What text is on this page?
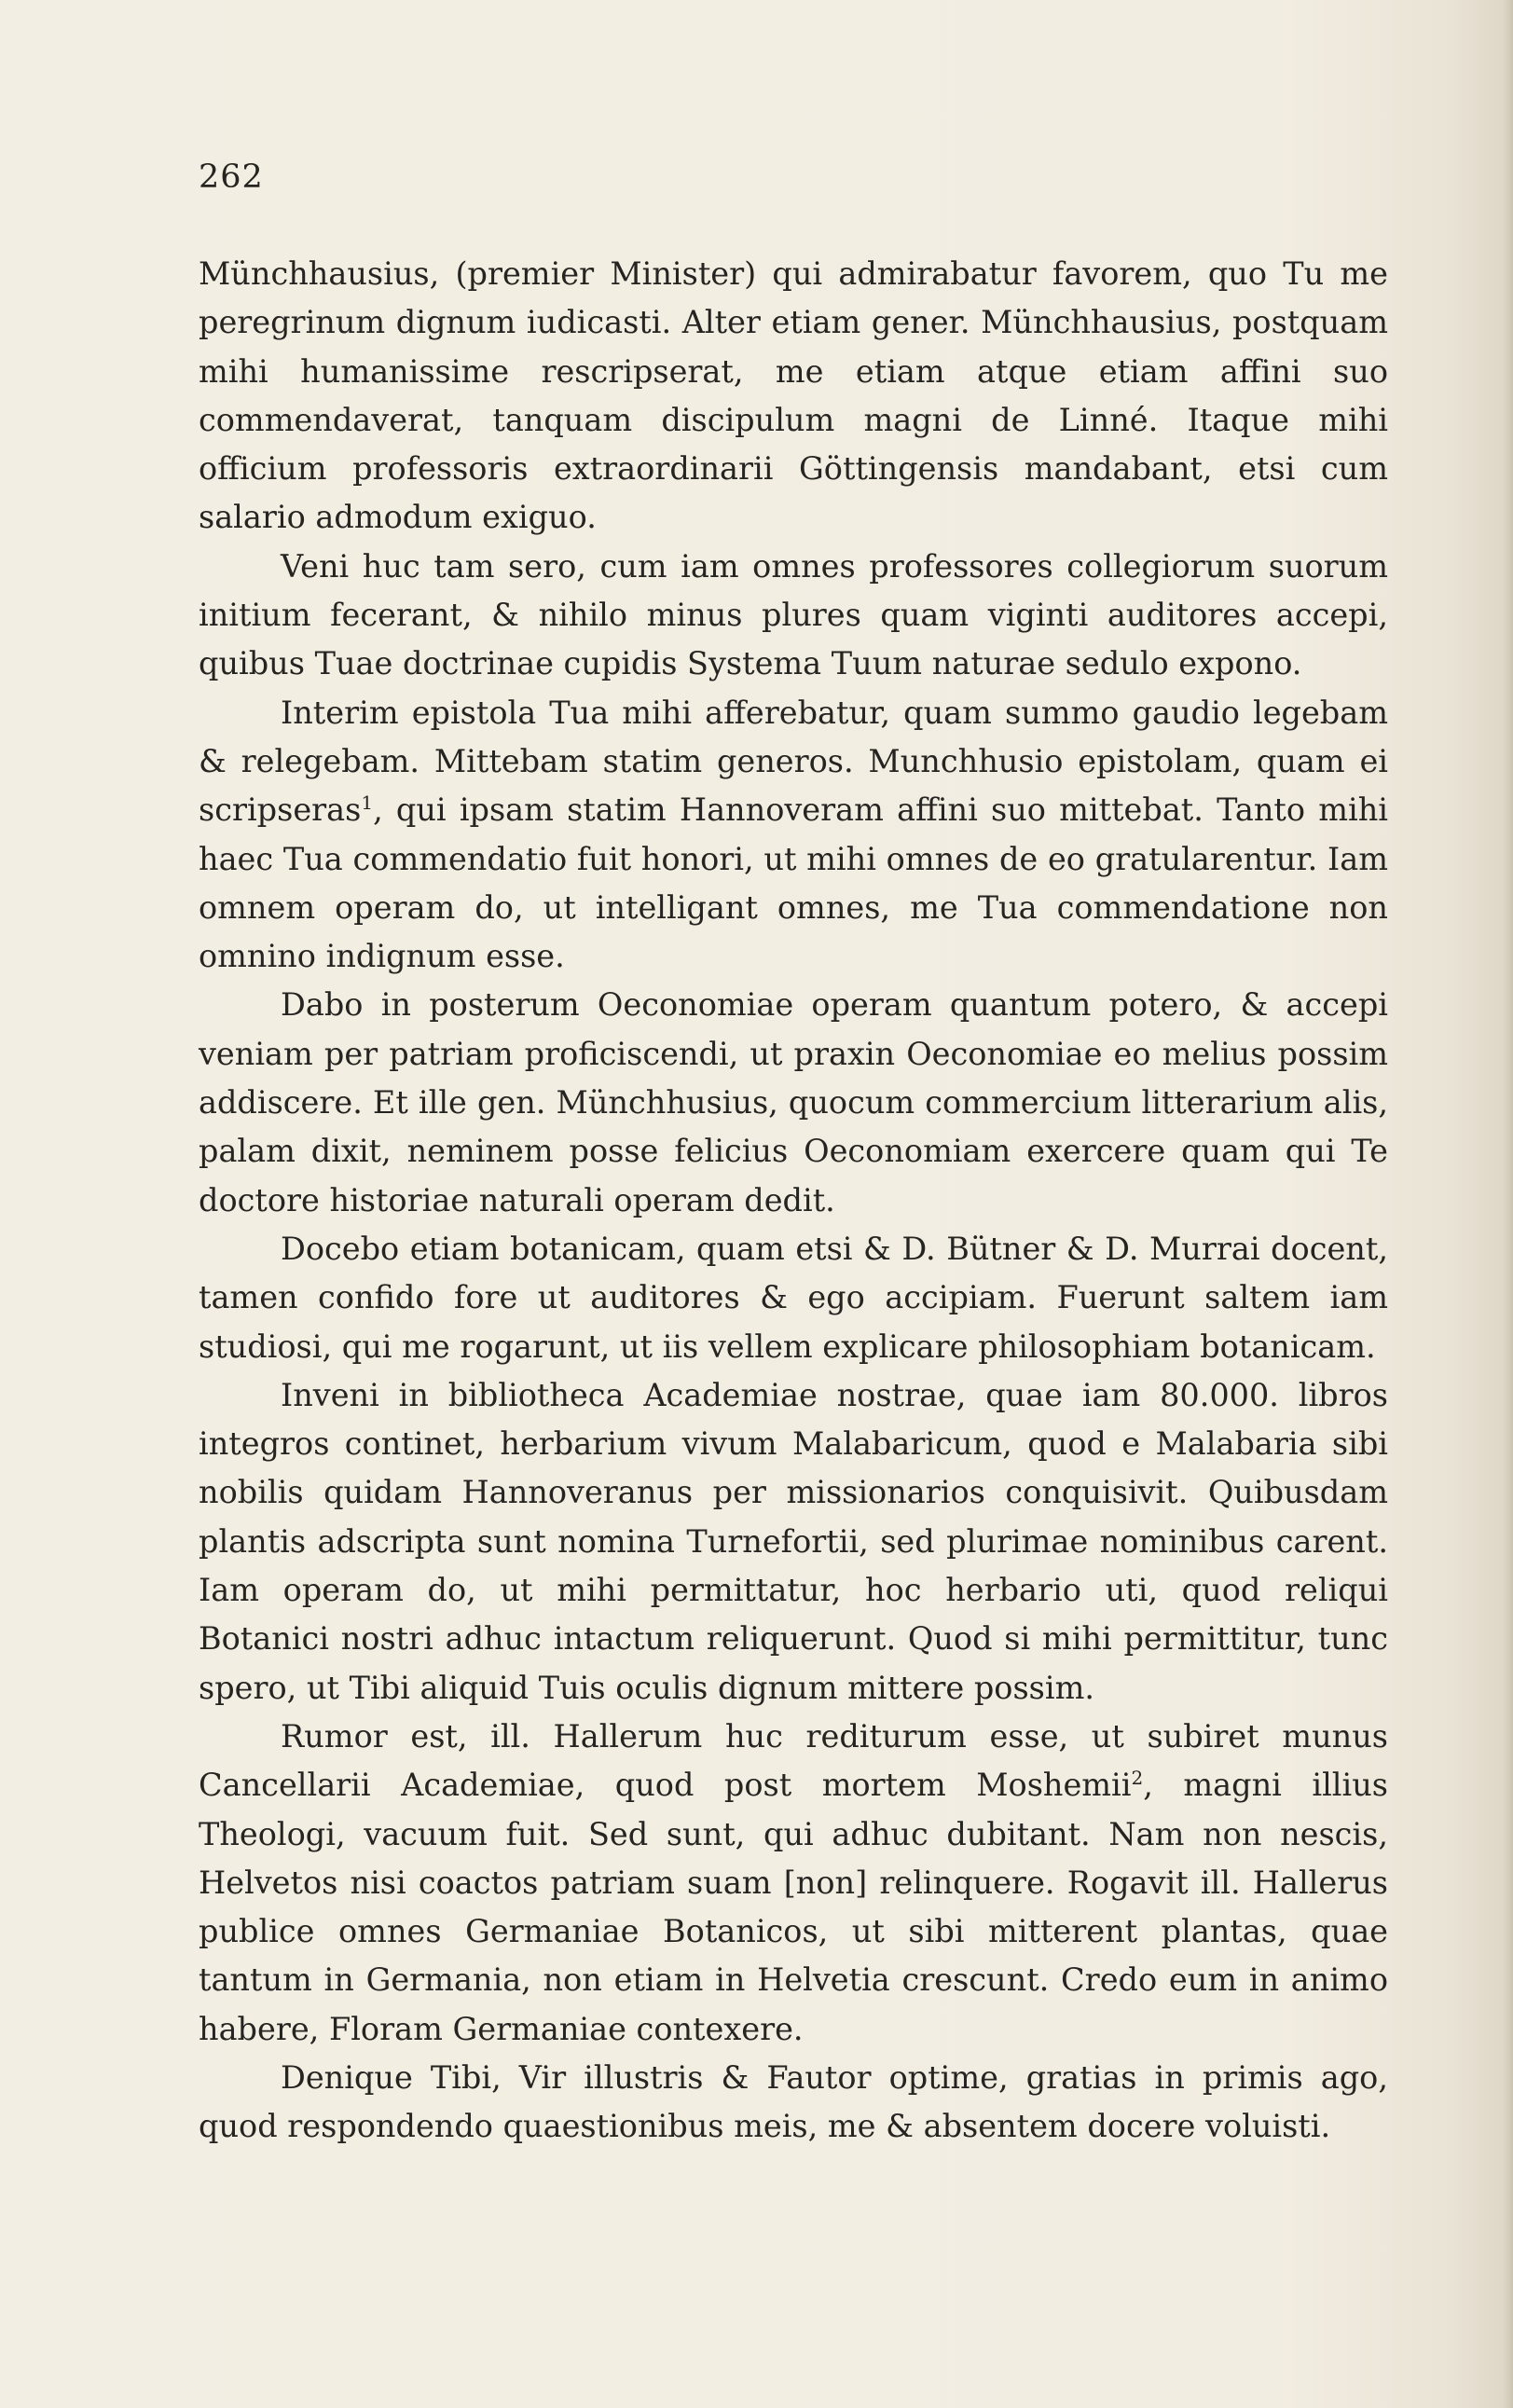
262

Münchhausius, (premier Minister) qui admirabatur favorem, quo Tu me peregrinum dignum iudicasti. Alter etiam gener. Münchhausius, postquam mihi humanissime rescripserat, me etiam atque etiam affini suo commendaverat, tanquam discipulum magni de Linné. Itaque mihi officium professoris extraordinarii Göttingensis mandabant, etsi cum salario admodum exiguo.

Veni huc tam sero, cum iam omnes professores collegiorum suorum initium fecerant, & nihilo minus plures quam viginti auditores accepi, quibus Tuae doctrinae cupidis Systema Tuum naturae sedulo expono.

Interim epistola Tua mihi afferebatur, quam summo gaudio legebam & relegebam. Mittebam statim generos. Munchhusio epistolam, quam ei scripseras$^1$, qui ipsam statim Hannoveram affini suo mittebat. Tanto mihi haec Tua commendatio fuit honori, ut mihi omnes de eo gratularentur. Iam omnem operam do, ut intelligant omnes, me Tua commendatione non omnino indignum esse.

Dabo in posterum Oeconomiae operam quantum potero, & accepi veniam per patriam proficiscendi, ut praxin Oeconomiae eo melius possim addiscere. Et ille gen. Münchhusius, quocum commercium litterarium alis, palam dixit, neminem posse felicius Oeconomiam exercere quam qui Te doctore historiae naturali operam dedit.

Docebo etiam botanicam, quam etsi & D. Bütner & D. Murrai docent, tamen confido fore ut auditores & ego accipiam. Fuerunt saltem iam studiosi, qui me rogarunt, ut iis vellem explicare philosophiam botanicam.

Inveni in bibliotheca Academiae nostrae, quae iam 80.000. libros integros continet, herbarium vivum Malabaricum, quod e Malabaria sibi nobilis quidam Hannoveranus per missionarios conquisivit. Quibusdam plantis adscripta sunt nomina Turnefortii, sed plurimae nominibus carent. Iam operam do, ut mihi permittatur, hoc herbario uti, quod reliqui Botanici nostri adhuc intactum reliquerunt. Quod si mihi permittitur, tunc spero, ut Tibi aliquid Tuis oculis dignum mittere possim.

Rumor est, ill. Hallerum huc rediturum esse, ut subiret munus Cancellarii Academiae, quod post mortem Moshemii$^2$, magni illius Theologi, vacuum fuit. Sed sunt, qui adhuc dubitant. Nam non nescis, Helvetos nisi coactos patriam suam [non] relinquere. Rogavit ill. Hallerus publice omnes Germaniae Botanicos, ut sibi mitterent plantas, quae tantum in Germania, non etiam in Helvetia crescunt. Credo eum in animo habere, Floram Germaniae contexere.

Denique Tibi, Vir illustris & Fautor optime, gratias in primis ago, quod respondendo quaestionibus meis, me & absentem docere voluisti.
